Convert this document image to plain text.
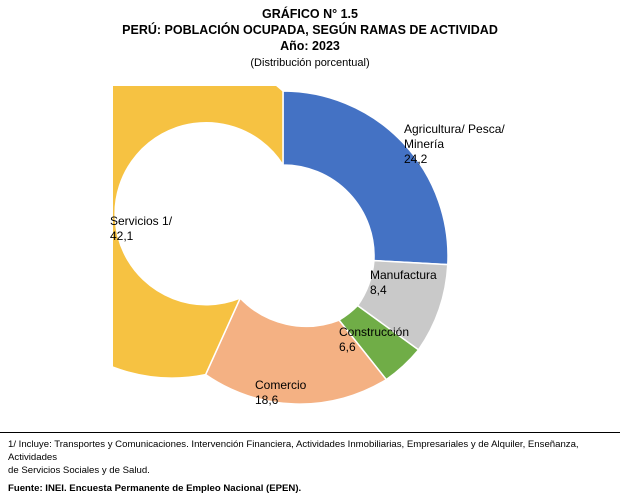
GRÁFICO N° 1.5
PERÚ: POBLACIÓN OCUPADA, SEGÚN RAMAS DE ACTIVIDAD
Año: 2023
(Distribución porcentual)
Agricultura/ Pesca/
Minería
24,2
Manufactura
8,4
Construcción
6,6
Comercio
18,6
Servicios 1/
42,1
1/ Incluye: Transportes y Comunicaciones. Intervención Financiera, Actividades Inmobiliarias, Empresariales y de Alquiler, Enseñanza, Actividades
de Servicios Sociales y de Salud.
Fuente: INEI. Encuesta Permanente de Empleo Nacional (EPEN).
